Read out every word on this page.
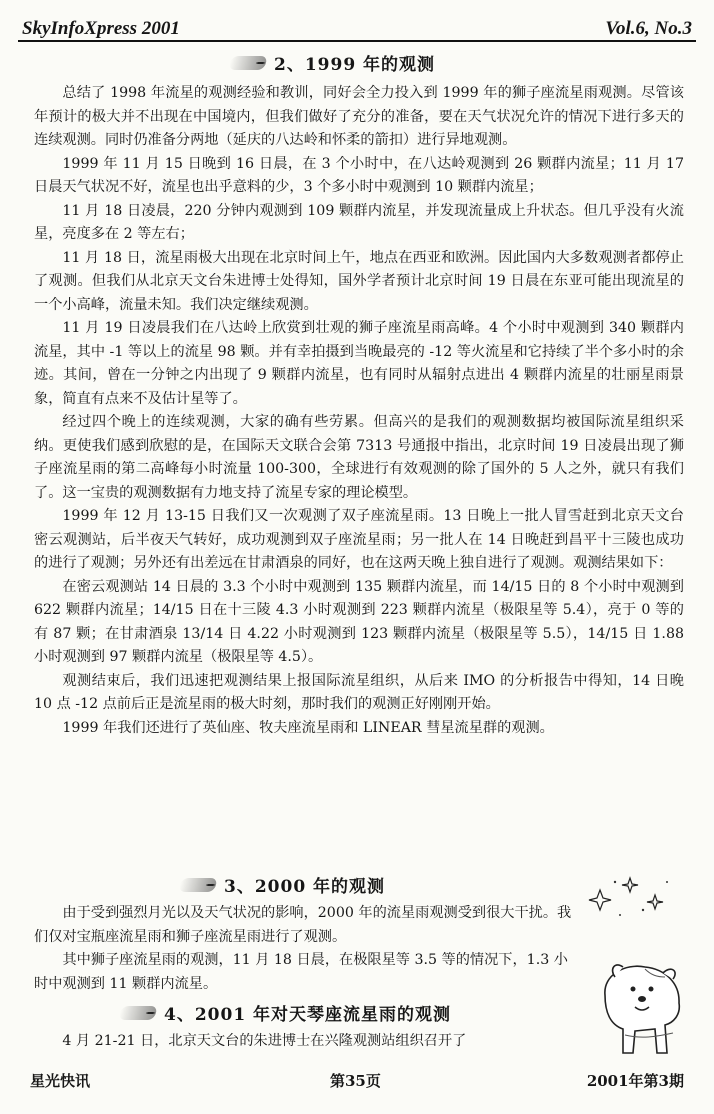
SkyInfoXpress 2001	Vol.6, No.3
2、1999 年的观测

总结了 1998 年流星的观测经验和教训，同好会全力投入到 1999 年的狮子座流星雨观测。尽管该年预计的极大并不出现在中国境内，但我们做好了充分的准备，要在天气状况允许的情况下进行多天的连续观测。同时仍准备分两地（延庆的八达岭和怀柔的箭扣）进行异地观测。

1999 年 11 月 15 日晚到 16 日晨，在 3 个小时中，在八达岭观测到 26 颗群内流星；11 月 17 日晨天气状况不好，流星也出乎意料的少，3 个多小时中观测到 10 颗群内流星；

11 月 18 日凌晨，220 分钟内观测到 109 颗群内流星，并发现流量成上升状态。但几乎没有火流星，亮度多在 2 等左右；

11 月 18 日，流星雨极大出现在北京时间上午，地点在西亚和欧洲。因此国内大多数观测者都停止了观测。但我们从北京天文台朱进博士处得知，国外学者预计北京时间 19 日晨在东亚可能出现流星的一个小高峰，流量未知。我们决定继续观测。

11 月 19 日凌晨我们在八达岭上欣赏到壮观的狮子座流星雨高峰。4 个小时中观测到 340 颗群内流星，其中 -1 等以上的流星 98 颗。并有幸拍摄到当晚最亮的 -12 等火流星和它持续了半个多小时的余迹。其间，曾在一分钟之内出现了 9 颗群内流星，也有同时从辐射点进出 4 颗群内流星的壮丽星雨景象，简直有点来不及估计星等了。

经过四个晚上的连续观测，大家的确有些劳累。但高兴的是我们的观测数据均被国际流星组织采纳。更使我们感到欣慰的是，在国际天文联合会第 7313 号通报中指出，北京时间 19 日凌晨出现了狮子座流星雨的第二高峰每小时流量 100-300，全球进行有效观测的除了国外的 5 人之外，就只有我们了。这一宝贵的观测数据有力地支持了流星专家的理论模型。

1999 年 12 月 13-15 日我们又一次观测了双子座流星雨。13 日晚上一批人冒雪赶到北京天文台密云观测站，后半夜天气转好，成功观测到双子座流星雨；另一批人在 14 日晚赶到昌平十三陵也成功的进行了观测；另外还有出差远在甘肃酒泉的同好，也在这两天晚上独自进行了观测。观测结果如下：

在密云观测站 14 日晨的 3.3 个小时中观测到 135 颗群内流星，而 14/15 日的 8 个小时中观测到 622 颗群内流星；14/15 日在十三陵 4.3 小时观测到 223 颗群内流星（极限星等 5.4），亮于 0 等的有 87 颗；在甘肃酒泉 13/14 日 4.22 小时观测到 123 颗群内流星（极限星等 5.5），14/15 日 1.88 小时观测到 97 颗群内流星（极限星等 4.5）。

观测结束后，我们迅速把观测结果上报国际流星组织，从后来 IMO 的分析报告中得知，14 日晚 10 点 -12 点前后正是流星雨的极大时刻，那时我们的观测正好刚刚开始。

1999 年我们还进行了英仙座、牧夫座流星雨和 LINEAR 彗星流星群的观测。

3、2000 年的观测

由于受到强烈月光以及天气状况的影响，2000 年的流星雨观测受到很大干扰。我们仅对宝瓶座流星雨和狮子座流星雨进行了观测。

其中狮子座流星雨的观测，11 月 18 日晨，在极限星等 3.5 等的情况下，1.3 小时中观测到 11 颗群内流星。

4、2001 年对天琴座流星雨的观测

4 月 21-21 日，北京天文台的朱进博士在兴隆观测站组织召开了

星光快讯	第35页	2001年第3期
